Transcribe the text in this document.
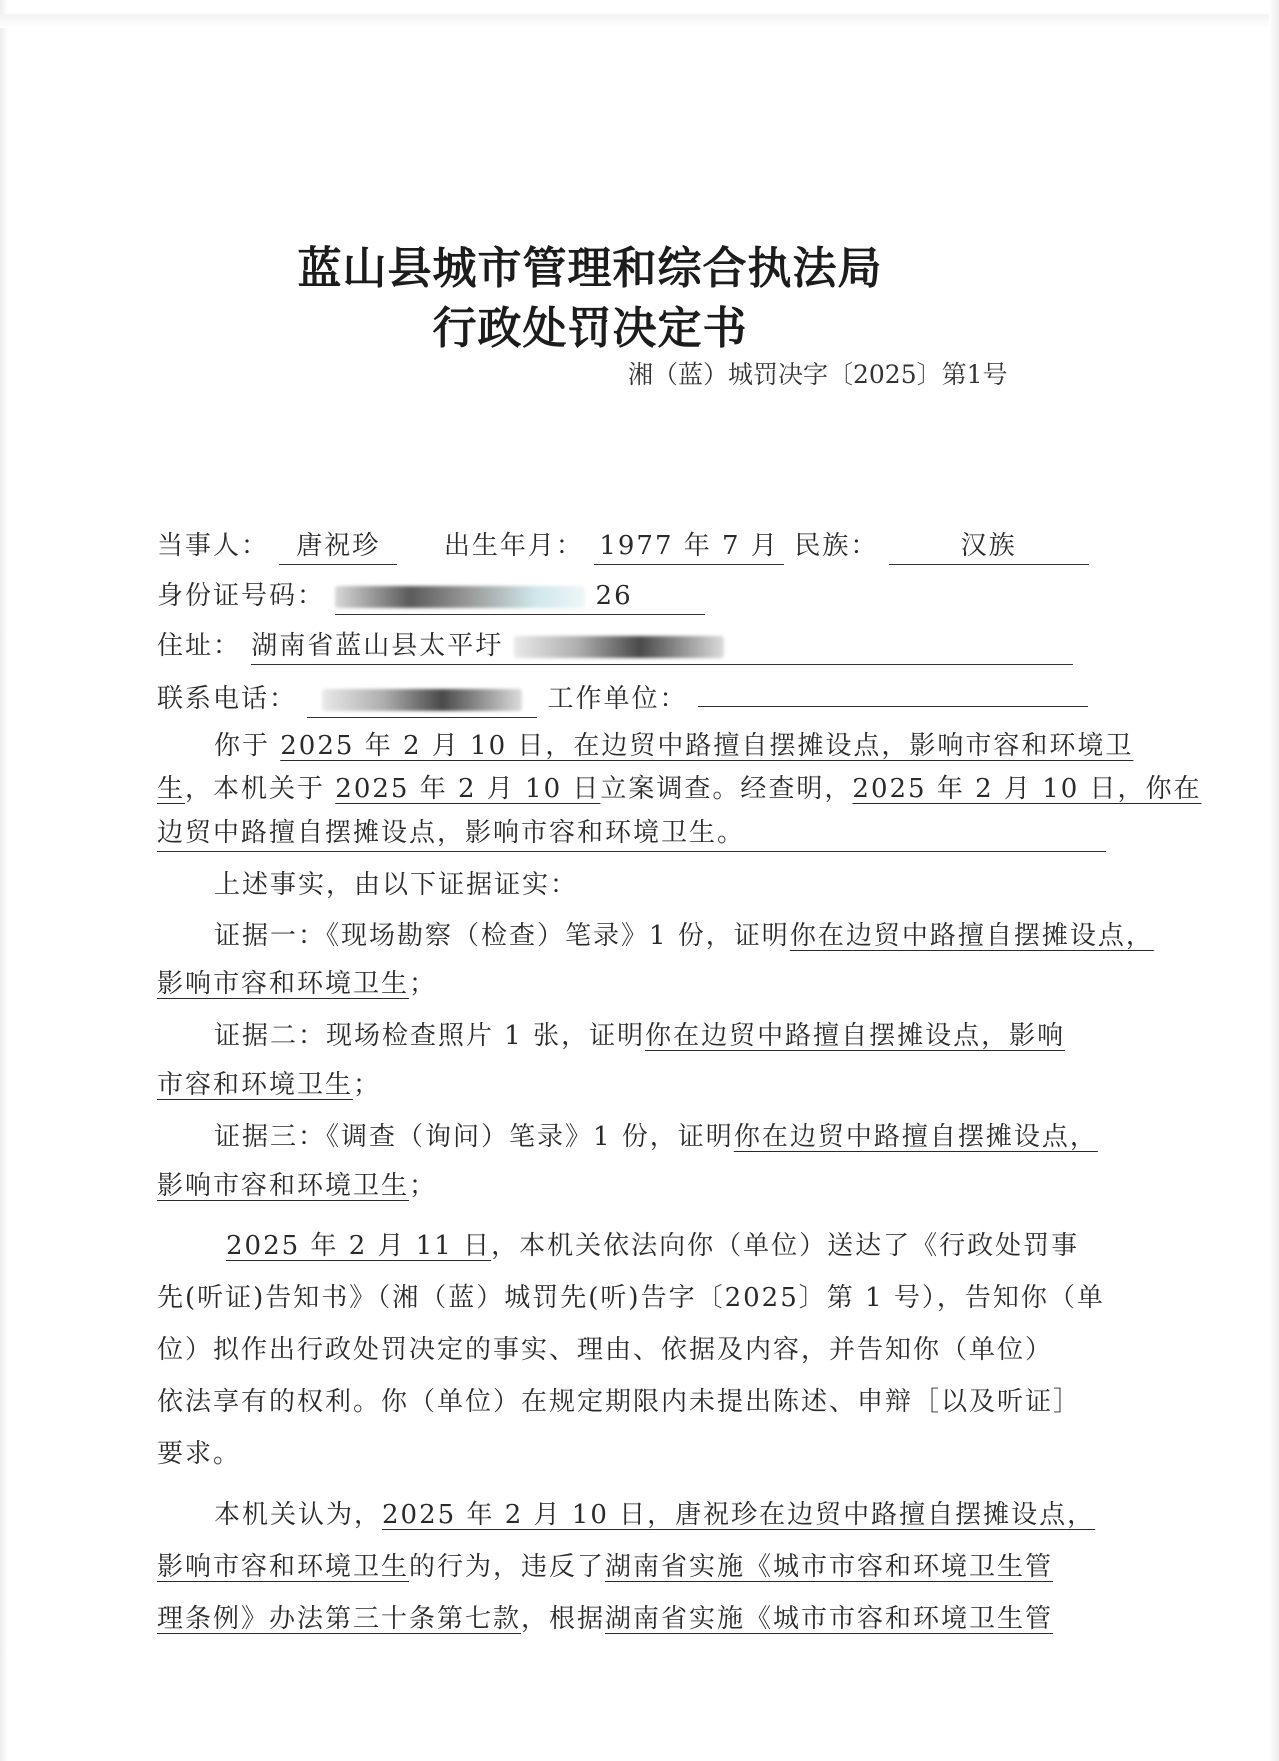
蓝山县城市管理和综合执法局
行政处罚决定书
湘（蓝）城罚决字〔2025〕第1号
当事人： 唐祝珍 出生年月： 1977 年 7 月 民族：	汉族
身份证号码：	26
住址： 湖南省蓝山县太平圩
联系电话：	工作单位：
你于 2025 年 2 月 10 日，在边贸中路擅自摆摊设点，影响市容和环境卫
生，本机关于 2025 年 2 月 10 日立案调查。经查明，2025 年 2 月 10 日，你在
边贸中路擅自摆摊设点，影响市容和环境卫生。
上述事实，由以下证据证实：
证据一：《现场勘察（检查）笔录》1 份，证明你在边贸中路擅自摆摊设点，
影响市容和环境卫生；
证据二：现场检查照片 1 张，证明你在边贸中路擅自摆摊设点，影响
市容和环境卫生；
证据三：《调查（询问）笔录》1 份，证明你在边贸中路擅自摆摊设点，
影响市容和环境卫生；
2025 年 2 月 11 日，本机关依法向你（单位）送达了《行政处罚事
先(听证)告知书》（湘（蓝）城罚先(听)告字〔2025〕第 1 号），告知你（单
位）拟作出行政处罚决定的事实、理由、依据及内容，并告知你（单位）
依法享有的权利。你（单位）在规定期限内未提出陈述、申辩［以及听证］
要求。
本机关认为，2025 年 2 月 10 日，唐祝珍在边贸中路擅自摆摊设点，
影响市容和环境卫生的行为，违反了湖南省实施《城市市容和环境卫生管
理条例》办法第三十条第七款，根据湖南省实施《城市市容和环境卫生管
